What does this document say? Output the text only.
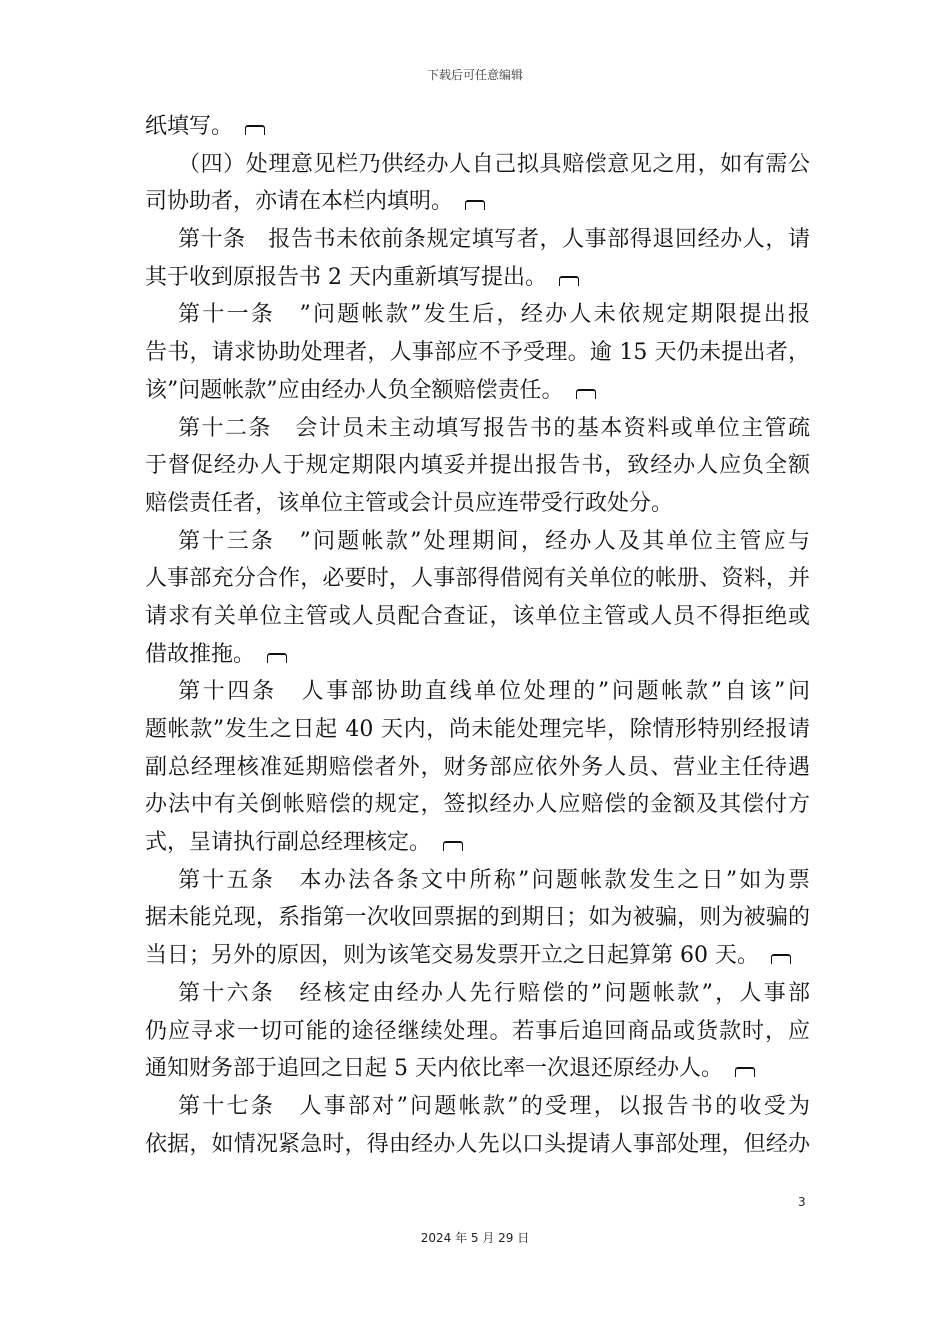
下载后可任意编辑
纸填写。
（四）处理意见栏乃供经办人自己拟具赔偿意见之用，如有需公
司协助者，亦请在本栏内填明。
第十条　报告书未依前条规定填写者，人事部得退回经办人，请
其于收到原报告书 2 天内重新填写提出。
第十一条　”问题帐款”发生后，经办人未依规定期限提出报
告书，请求协助处理者，人事部应不予受理。逾 15 天仍未提出者，
该”问题帐款”应由经办人负全额赔偿责任。
第十二条　会计员未主动填写报告书的基本资料或单位主管疏
于督促经办人于规定期限内填妥并提出报告书，致经办人应负全额
赔偿责任者，该单位主管或会计员应连带受行政处分。
第十三条　”问题帐款”处理期间，经办人及其单位主管应与
人事部充分合作，必要时，人事部得借阅有关单位的帐册、资料，并
请求有关单位主管或人员配合查证，该单位主管或人员不得拒绝或
借故推拖。
第十四条　人事部协助直线单位处理的”问题帐款”自该”问
题帐款”发生之日起 40 天内，尚未能处理完毕，除情形特别经报请
副总经理核准延期赔偿者外，财务部应依外务人员、营业主任待遇
办法中有关倒帐赔偿的规定，签拟经办人应赔偿的金额及其偿付方
式，呈请执行副总经理核定。
第十五条　本办法各条文中所称”问题帐款发生之日”如为票
据未能兑现，系指第一次收回票据的到期日；如为被骗，则为被骗的
当日；另外的原因，则为该笔交易发票开立之日起算第 60 天。
第十六条　经核定由经办人先行赔偿的”问题帐款”，人事部
仍应寻求一切可能的途径继续处理。若事后追回商品或货款时，应
通知财务部于追回之日起 5 天内依比率一次退还原经办人。
第十七条　人事部对”问题帐款”的受理，以报告书的收受为
依据，如情况紧急时，得由经办人先以口头提请人事部处理，但经办
3
2024 年 5 月 29 日
